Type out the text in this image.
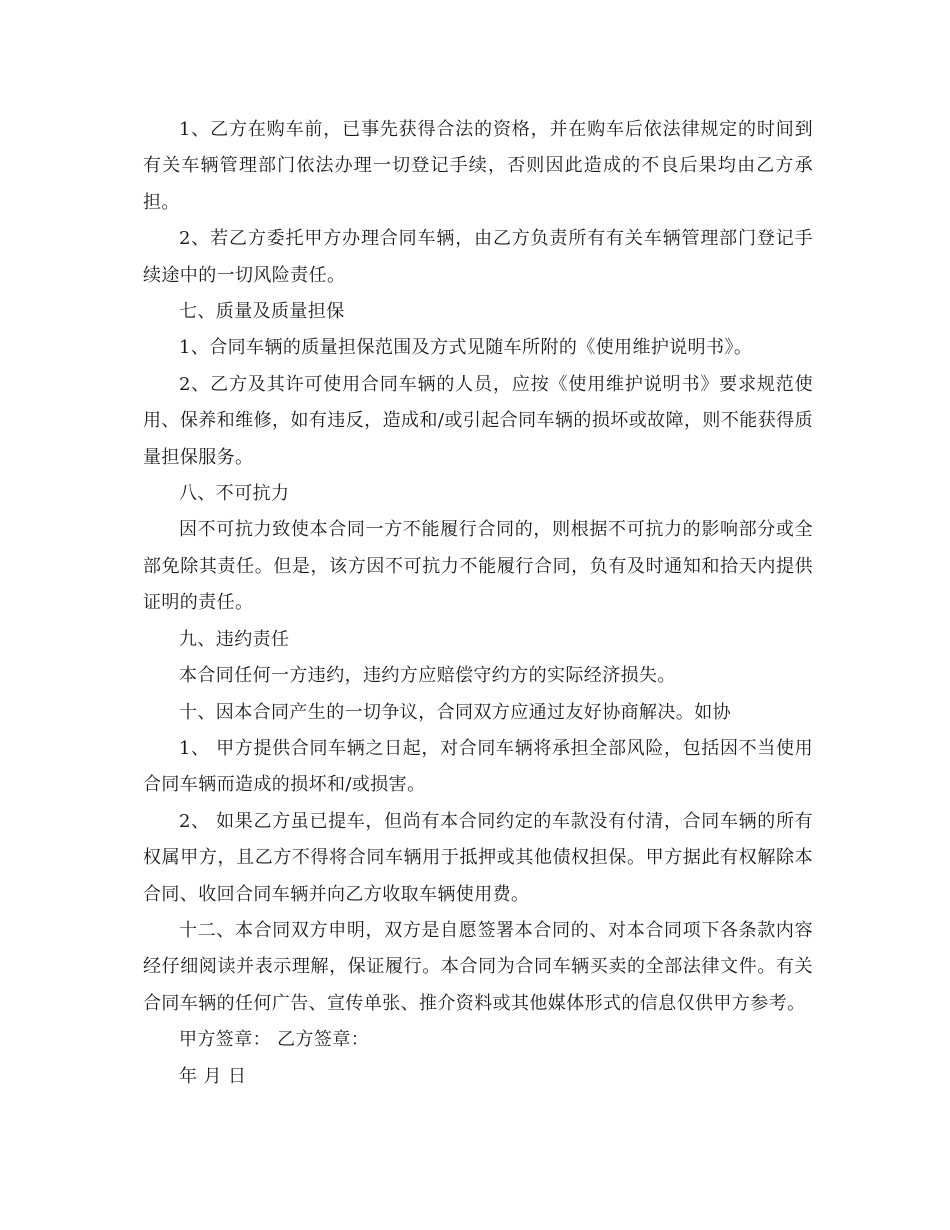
1、乙方在购车前，已事先获得合法的资格，并在购车后依法律规定的时间到有关车辆管理部门依法办理一切登记手续，否则因此造成的不良后果均由乙方承担。

2、若乙方委托甲方办理合同车辆，由乙方负责所有有关车辆管理部门登记手续途中的一切风险责任。

七、质量及质量担保

1、合同车辆的质量担保范围及方式见随车所附的《使用维护说明书》。

2、乙方及其许可使用合同车辆的人员，应按《使用维护说明书》要求规范使用、保养和维修，如有违反，造成和/或引起合同车辆的损坏或故障，则不能获得质量担保服务。

八、不可抗力

因不可抗力致使本合同一方不能履行合同的，则根据不可抗力的影响部分或全部免除其责任。但是，该方因不可抗力不能履行合同，负有及时通知和拾天内提供证明的责任。

九、违约责任

本合同任何一方违约，违约方应赔偿守约方的实际经济损失。

十、因本合同产生的一切争议，合同双方应通过友好协商解决。如协

1、 甲方提供合同车辆之日起，对合同车辆将承担全部风险，包括因不当使用合同车辆而造成的损坏和/或损害。

2、 如果乙方虽已提车，但尚有本合同约定的车款没有付清，合同车辆的所有权属甲方，且乙方不得将合同车辆用于抵押或其他债权担保。甲方据此有权解除本合同、收回合同车辆并向乙方收取车辆使用费。

十二、本合同双方申明，双方是自愿签署本合同的、对本合同项下各条款内容经仔细阅读并表示理解，保证履行。本合同为合同车辆买卖的全部法律文件。有关合同车辆的任何广告、宣传单张、推介资料或其他媒体形式的信息仅供甲方参考。

甲方签章： 乙方签章：

年 月 日
